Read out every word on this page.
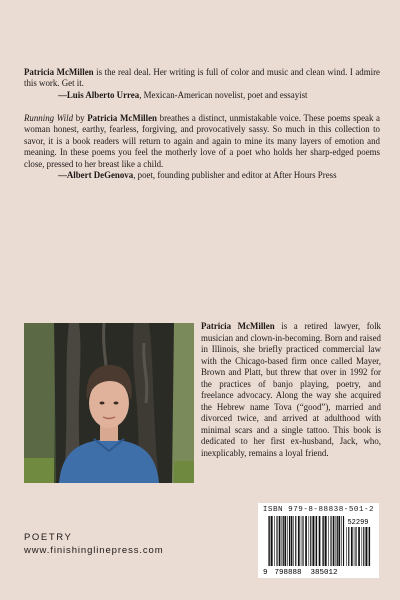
Patricia McMillen is the real deal. Her writing is full of color and music and clean wind. I admire this work. Get it.

—Luis Alberto Urrea, Mexican-American novelist, poet and essayist

Running Wild by Patricia McMillen breathes a distinct, unmistakable voice. These poems speak a woman honest, earthy, fearless, forgiving, and provocatively sassy. So much in this collection to savor, it is a book readers will return to again and again to mine its many layers of emotion and meaning. In these poems you feel the motherly love of a poet who holds her sharp-edged poems close, pressed to her breast like a child.

—Albert DeGenova, poet, founding publisher and editor at After Hours Press

Patricia McMillen is a retired lawyer, folk musician and clown-in-becoming. Born and raised in Illinois, she briefly practiced commercial law with the Chicago-based firm once called Mayer, Brown and Platt, but threw that over in 1992 for the practices of banjo playing, poetry, and freelance advocacy. Along the way she acquired the Hebrew name Tova (“good”), married and divorced twice, and arrived at adulthood with minimal scars and a single tattoo. This book is dedicated to her first ex-husband, Jack, who, inexplicably, remains a loyal friend.

POETRY
www.finishinglinepress.com
ISBN 979-8-88838-501-2
52299
9 798888 385012
